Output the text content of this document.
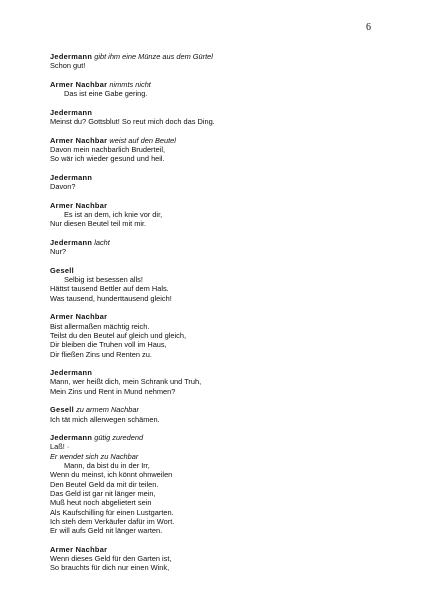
6
Jedermann gibt ihm eine Münze aus dem Gürtel
Schon gut!
Armer Nachbar nimmts nicht
Das ist eine Gabe gering.
Jedermann
Meinst du? Gottsblut! So reut mich doch das Ding.
Armer Nachbar weist auf den Beutel
Davon mein nachbarlich Bruderteil,
So wär ich wieder gesund und heil.
Jedermann
Davon?
Armer Nachbar
Es ist an dem, ich knie vor dir,
Nur diesen Beutel teil mit mir.
Jedermann lacht
Nur?
Gesell
Selbig ist besessen alls!
Hättst tausend Bettler auf dem Hals.
Was tausend, hunderttausend gleich!
Armer Nachbar
Bist allermaßen mächtig reich.
Teilst du den Beutel auf gleich und gleich,
Dir bleiben die Truhen voll im Haus,
Dir fließen Zins und Renten zu.
Jedermann
Mann, wer heißt dich, mein Schrank und Truh,
Mein Zins und Rent in Mund nehmen?
Gesell zu armem Nachbar
Ich tät mich allerwegen schämen.
Jedermann gütig zuredend
Laß! ·
Er wendet sich zu Nachbar
Mann, da bist du in der Irr,
Wenn du meinst, ich könnt ohnweilen
Den Beutel Geld da mit dir teilen.
Das Geld ist gar nit länger mein,
Muß heut noch abgelietert sein
Als Kaufschilling für einen Lustgarten.
Ich steh dem Verkäufer dafür im Wort.
Er will aufs Geld nit länger warten.
Armer Nachbar
Wenn dieses Geld für den Garten ist,
So brauchts für dich nur einen Wink,
